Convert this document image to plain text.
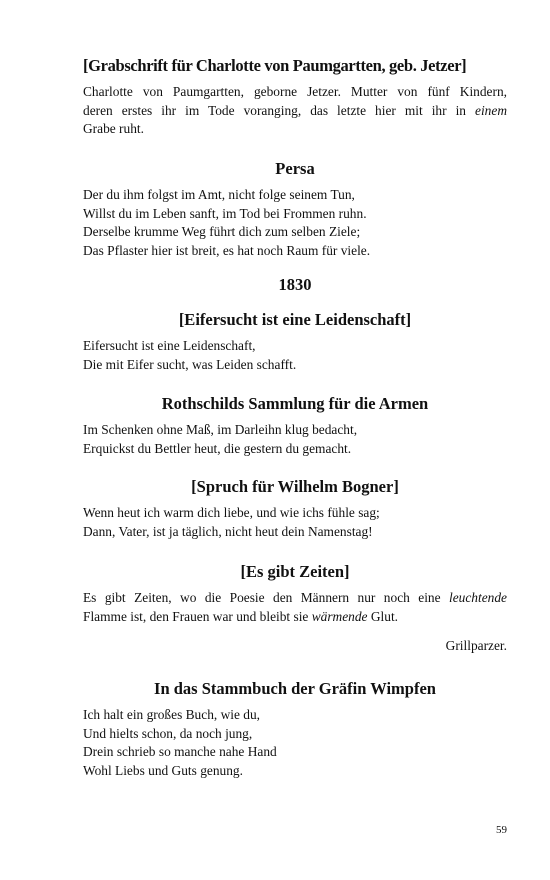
[Grabschrift für Charlotte von Paumgartten, geb. Jetzer]

Charlotte von Paumgartten, geborne Jetzer. Mutter von fünf Kindern,
deren erstes ihr im Tode voranging, das letzte hier mit ihr in einem
Grabe ruht.

Persa

Der du ihm folgst im Amt, nicht folge seinem Tun,
Willst du im Leben sanft, im Tod bei Frommen ruhn.
Derselbe krumme Weg führt dich zum selben Ziele;
Das Pflaster hier ist breit, es hat noch Raum für viele.

1830
[Eifersucht ist eine Leidenschaft]

Eifersucht ist eine Leidenschaft,
Die mit Eifer sucht, was Leiden schafft.

Rothschilds Sammlung für die Armen

Im Schenken ohne Maß, im Darleihn klug bedacht,
Erquickst du Bettler heut, die gestern du gemacht.

[Spruch für Wilhelm Bogner]

Wenn heut ich warm dich liebe, und wie ichs fühle sag;
Dann, Vater, ist ja täglich, nicht heut dein Namenstag!

[Es gibt Zeiten]

Es gibt Zeiten, wo die Poesie den Männern nur noch eine leuchtende
Flamme ist, den Frauen war und bleibt sie wärmende Glut.

Grillparzer.

In das Stammbuch der Gräfin Wimpfen

Ich halt ein großes Buch, wie du,
Und hielts schon, da noch jung,
Drein schrieb so manche nahe Hand
Wohl Liebs und Guts genung.

59
